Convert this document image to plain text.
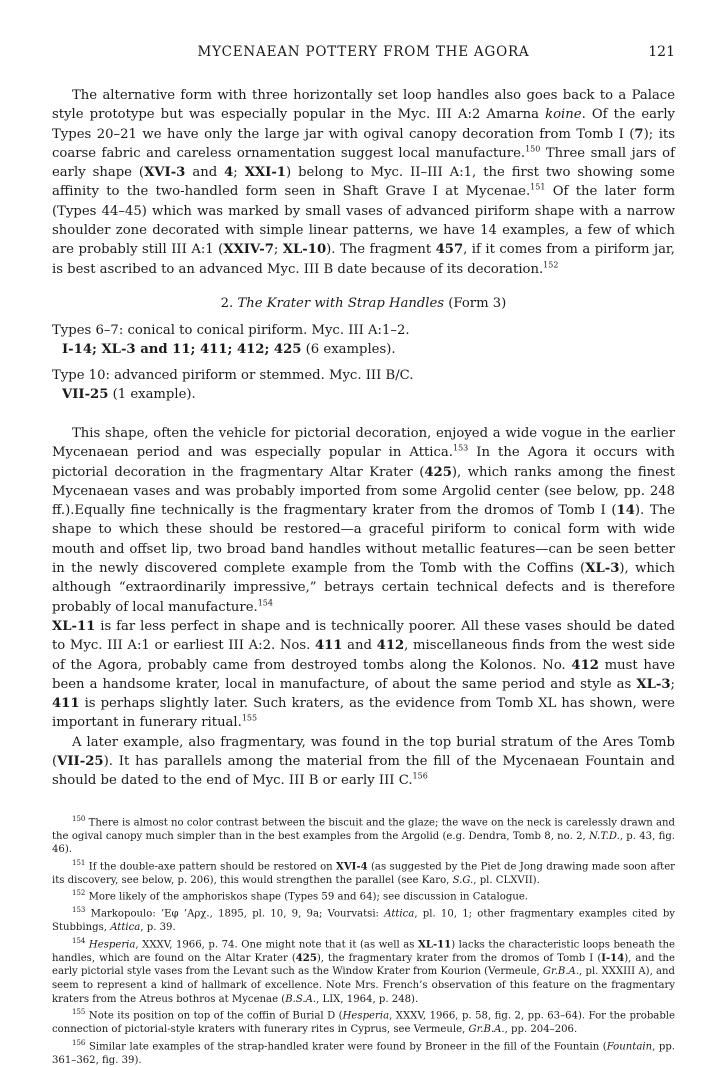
MYCENAEAN POTTERY FROM THE AGORA	121

The alternative form with three horizontally set loop handles also goes back to a Palace style prototype but was especially popular in the Myc. III A:2 Amarna koine. Of the early Types 20–21 we have only the large jar with ogival canopy decoration from Tomb I (7); its coarse fabric and careless ornamentation suggest local manufacture.$^{150}$ Three small jars of early shape (XVI-3 and 4; XXI-1) belong to Myc. II–III A:1, the first two showing some affinity to the two-handled form seen in Shaft Grave I at Mycenae.$^{151}$ Of the later form (Types 44–45) which was marked by small vases of advanced piriform shape with a narrow shoulder zone decorated with simple linear patterns, we have 14 examples, a few of which are probably still III A:1 (XXIV-7; XL-10). The fragment 457, if it comes from a piriform jar, is best ascribed to an advanced Myc. III B date because of its decoration.$^{152}$

2. The Krater with Strap Handles (Form 3)
Types 6–7: conical to conical piriform. Myc. III A:1–2.
I-14; XL-3 and 11; 411; 412; 425 (6 examples).
Type 10: advanced piriform or stemmed. Myc. III B/C.
VII-25 (1 example).

This shape, often the vehicle for pictorial decoration, enjoyed a wide vogue in the earlier Mycenaean period and was especially popular in Attica.$^{153}$ In the Agora it occurs with pictorial decoration in the fragmentary Altar Krater (425), which ranks among the finest Mycenaean vases and was probably imported from some Argolid center (see below, pp. 248 ff.).Equally fine technically is the fragmentary krater from the dromos of Tomb I (14). The shape to which these should be restored—a graceful piriform to conical form with wide mouth and offset lip, two broad band handles without metallic features—can be seen better in the newly discovered complete example from the Tomb with the Coffins (XL-3), which although “extraordinarily impressive,” betrays certain technical defects and is therefore probably of local manufacture.$^{154}$
XL-11 is far less perfect in shape and is technically poorer. All these vases should be dated to Myc. III A:1 or earliest III A:2. Nos. 411 and 412, miscellaneous finds from the west side of the Agora, probably came from destroyed tombs along the Kolonos. No. 412 must have been a handsome krater, local in manufacture, of about the same period and style as XL-3; 411 is perhaps slightly later. Such kraters, as the evidence from Tomb XL has shown, were important in funerary ritual.$^{155}$

A later example, also fragmentary, was found in the top burial stratum of the Ares Tomb (VII-25). It has parallels among the material from the fill of the Mycenaean Fountain and should be dated to the end of Myc. III B or early III C.$^{156}$

$^{150}$ There is almost no color contrast between the biscuit and the glaze; the wave on the neck is carelessly drawn and the ogival canopy much simpler than in the best examples from the Argolid (e.g. Dendra, Tomb 8, no. 2, N.T.D., p. 43, fig. 46).

$^{151}$ If the double-axe pattern should be restored on XVI-4 (as suggested by the Piet de Jong drawing made soon after its discovery, see below, p. 206), this would strengthen the parallel (see Karo, S.G., pl. CLXVII).

$^{152}$ More likely of the amphoriskos shape (Types 59 and 64); see discussion in Catalogue.

$^{153}$ Markopoulo: ’Εφ ’Αρχ., 1895, pl. 10, 9, 9a; Vourvatsi: Attica, pl. 10, 1; other fragmentary examples cited by Stubbings, Attica, p. 39.

$^{154}$ Hesperia, XXXV, 1966, p. 74. One might note that it (as well as XL-11) lacks the characteristic loops beneath the handles, which are found on the Altar Krater (425), the fragmentary krater from the dromos of Tomb I (I-14), and the early pictorial style vases from the Levant such as the Window Krater from Kourion (Vermeule, Gr.B.A., pl. XXXIII A), and seem to represent a kind of hallmark of excellence. Note Mrs. French’s observation of this feature on the fragmentary kraters from the Atreus bothros at Mycenae (B.S.A., LIX, 1964, p. 248).

$^{155}$ Note its position on top of the coffin of Burial D (Hesperia, XXXV, 1966, p. 58, fig. 2, pp. 63–64). For the probable connection of pictorial-style kraters with funerary rites in Cyprus, see Vermeule, Gr.B.A., pp. 204–206.

$^{156}$ Similar late examples of the strap-handled krater were found by Broneer in the fill of the Fountain (Fountain, pp. 361–362, fig. 39).
